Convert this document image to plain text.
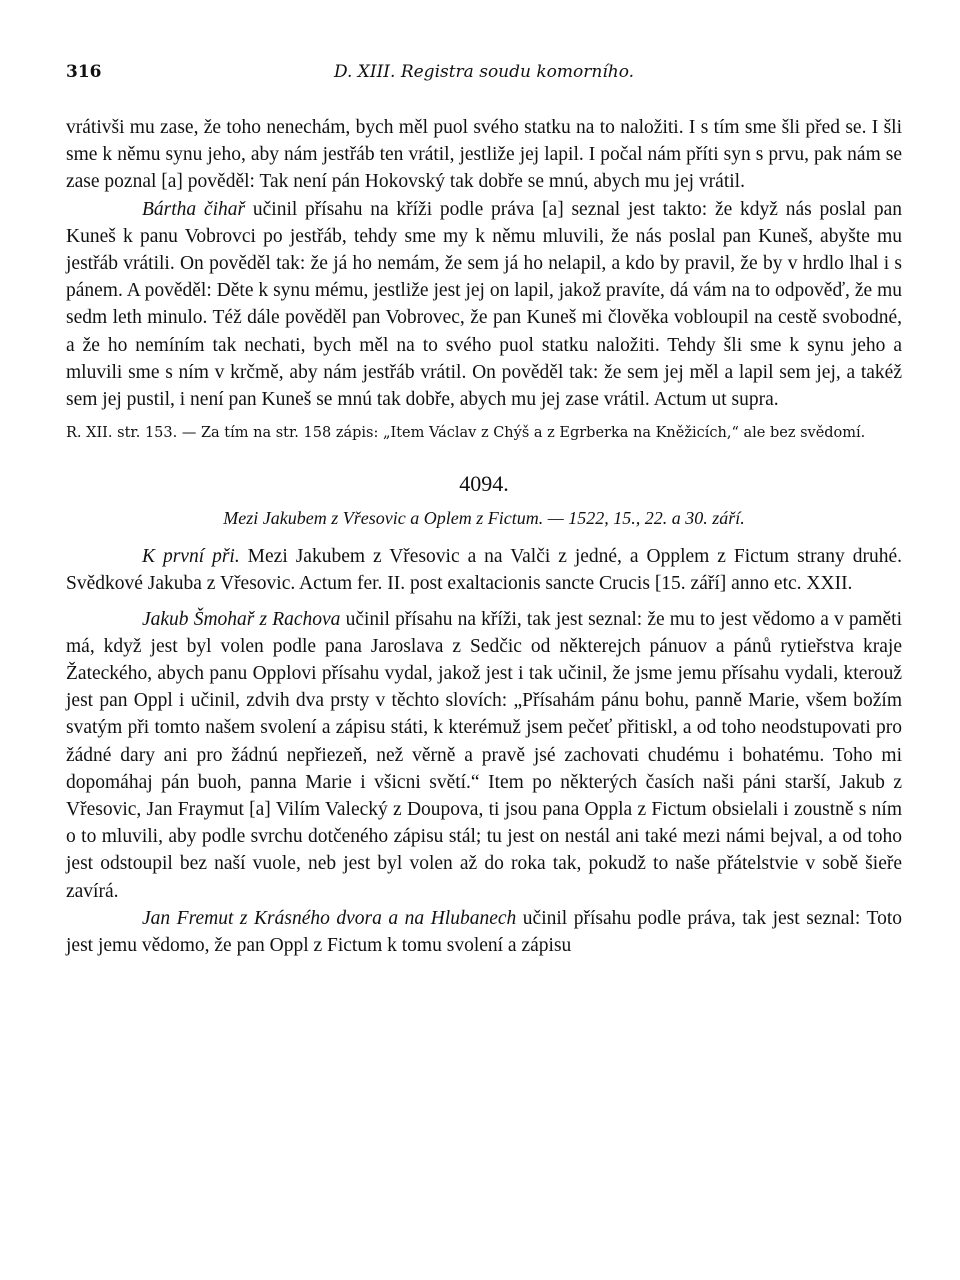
316	D. XIII. Registra soudu komorního.

vrátivši mu zase, že toho nenechám, bych měl puol svého statku na to naložiti. I s tím sme šli před se. I šli sme k němu synu jeho, aby nám jestřáb ten vrátil, jestliže jej lapil. I počal nám příti syn s prvu, pak nám se zase poznal [a] pověděl: Tak není pán Hokovský tak dobře se mnú, abych mu jej vrátil.

Bártha čihař učinil přísahu na kříži podle práva [a] seznal jest takto: že když nás poslal pan Kuneš k panu Vobrovci po jestřáb, tehdy sme my k němu mluvili, že nás poslal pan Kuneš, abyšte mu jestřáb vrátili. On pověděl tak: že já ho nemám, že sem já ho nelapil, a kdo by pravil, že by v hrdlo lhal i s pánem. A pověděl: Děte k synu mému, jestliže jest jej on lapil, jakož pravíte, dá vám na to odpověď, že mu sedm leth minulo. Též dále pověděl pan Vobrovec, že pan Kuneš mi člověka vobloupil na cestě svobodné, a že ho nemíním tak nechati, bych měl na to svého puol statku naložiti. Tehdy šli sme k synu jeho a mluvili sme s ním v krčmě, aby nám jestřáb vrátil. On pověděl tak: že sem jej měl a lapil sem jej, a takéž sem jej pustil, i není pan Kuneš se mnú tak dobře, abych mu jej zase vrátil. Actum ut supra.

R. XII. str. 153. — Za tím na str. 158 zápis: „Item Václav z Chýš a z Egrberka na Kněžicích,“ ale bez svědomí.

4094.
Mezi Jakubem z Vřesovic a Oplem z Fictum. — 1522, 15., 22. a 30. září.

K první při. Mezi Jakubem z Vřesovic a na Valči z jedné, a Opplem z Fictum strany druhé. Svědkové Jakuba z Vřesovic. Actum fer. II. post exaltacionis sancte Crucis [15. září] anno etc. XXII.

Jakub Šmohař z Rachova učinil přísahu na kříži, tak jest seznal: že mu to jest vědomo a v paměti má, když jest byl volen podle pana Jaroslava z Sedčic od některejch pánuov a pánů rytieřstva kraje Žateckého, abych panu Opplovi přísahu vydal, jakož jest i tak učinil, že jsme jemu přísahu vydali, kterouž jest pan Oppl i učinil, zdvih dva prsty v těchto slovích: „Přísahám pánu bohu, panně Marie, všem božím svatým při tomto našem svolení a zápisu státi, k kterémuž jsem pečeť přitiskl, a od toho neodstupovati pro žádné dary ani pro žádnú nepřiezeň, než věrně a pravě jsé zachovati chudému i bohatému. Toho mi dopomáhaj pán buoh, panna Marie i všicni světí.“ Item po některých časích naši páni starší, Jakub z Vřesovic, Jan Fraymut [a] Vilím Valecký z Doupova, ti jsou pana Oppla z Fictum obsielali i zoustně s ním o to mluvili, aby podle svrchu dotčeného zápisu stál; tu jest on nestál ani také mezi námi bejval, a od toho jest odstoupil bez naší vuole, neb jest byl volen až do roka tak, pokudž to naše přátelstvie v sobě šieře zavírá.

Jan Fremut z Krásného dvora a na Hlubanech učinil přísahu podle práva, tak jest seznal: Toto jest jemu vědomo, že pan Oppl z Fictum k tomu svolení a zápisu
